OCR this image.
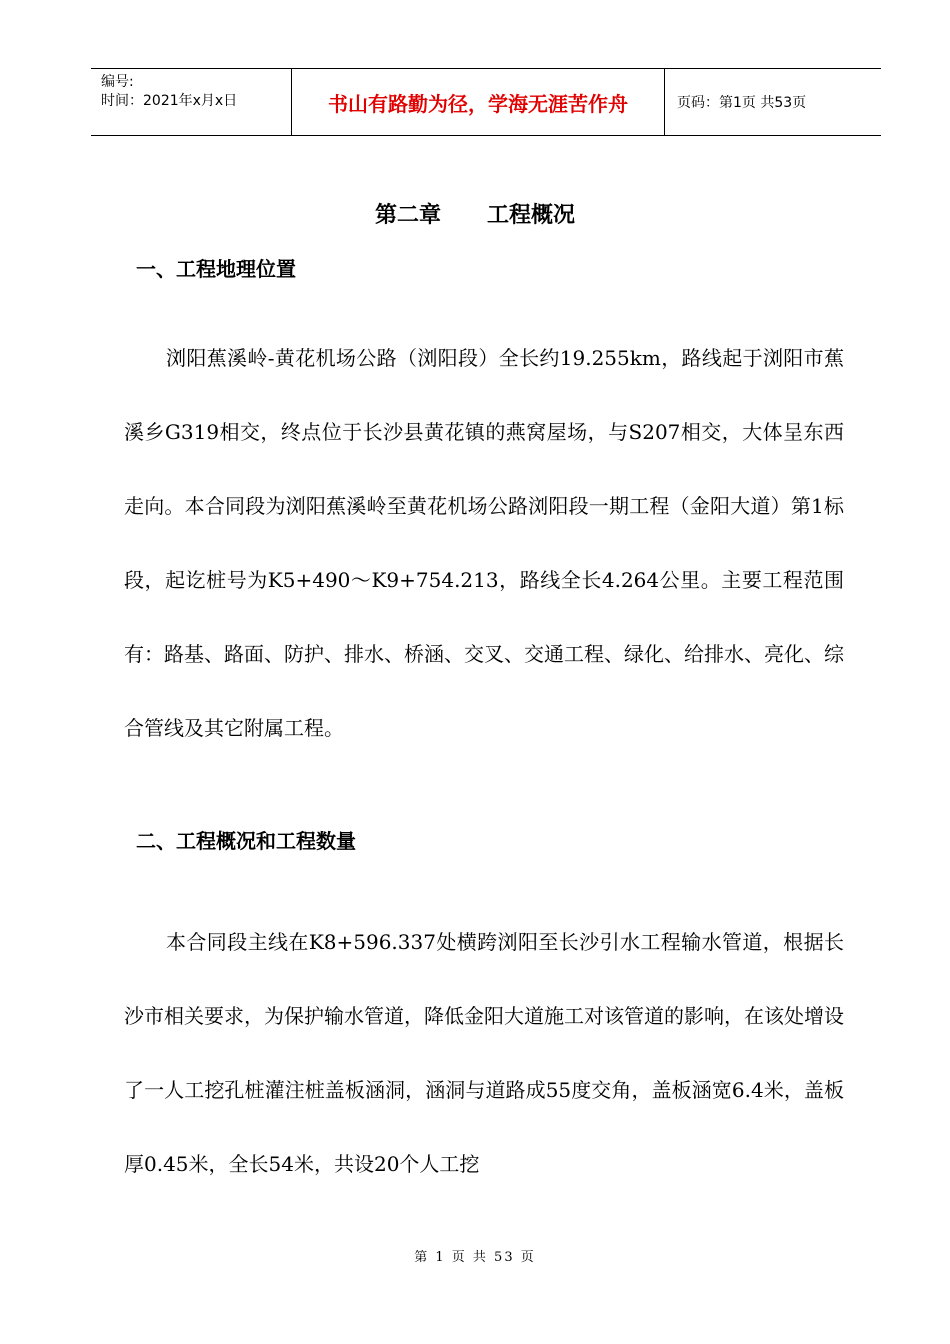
编号:
时间：2021年x月x日	书山有路勤为径，学海无涯苦作舟	页码：第1页 共53页
第二章      工程概况
一、工程地理位置

浏阳蕉溪岭-黄花机场公路（浏阳段）全长约19.255km，路线起于浏阳市蕉溪乡G319相交，终点位于长沙县黄花镇的燕窝屋场，与S207相交，大体呈东西走向。本合同段为浏阳蕉溪岭至黄花机场公路浏阳段一期工程（金阳大道）第1标段，起讫桩号为K5+490～K9+754.213，路线全长4.264公里。主要工程范围有：路基、路面、防护、排水、桥涵、交叉、交通工程、绿化、给排水、亮化、综合管线及其它附属工程。

二、工程概况和工程数量

本合同段主线在K8+596.337处横跨浏阳至长沙引水工程输水管道，根据长沙市相关要求，为保护输水管道，降低金阳大道施工对该管道的影响，在该处增设了一人工挖孔桩灌注桩盖板涵洞，涵洞与道路成55度交角，盖板涵宽6.4米，盖板厚0.45米，全长54米，共设20个人工挖

第 1 页 共 53 页
